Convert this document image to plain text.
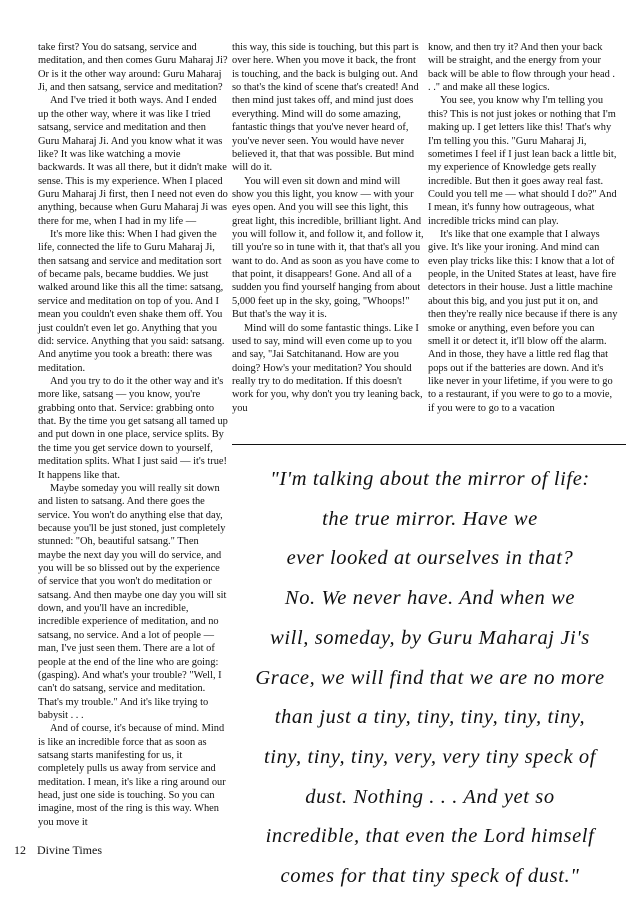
take first? You do satsang, service and meditation, and then comes Guru Maharaj Ji? Or is it the other way around: Guru Maharaj Ji, and then satsang, service and meditation?

And I've tried it both ways. And I ended up the other way, where it was like I tried satsang, service and meditation and then Guru Maharaj Ji. And you know what it was like? It was like watching a movie backwards. It was all there, but it didn't make sense. This is my experience. When I placed Guru Maharaj Ji first, then I need not even do anything, because when Guru Maharaj Ji was there for me, when I had in my life —

It's more like this: When I had given the life, connected the life to Guru Maharaj Ji, then satsang and service and meditation sort of became pals, became buddies. We just walked around like this all the time: satsang, service and meditation on top of you. And I mean you couldn't even shake them off. You just couldn't even let go. Anything that you did: service. Anything that you said: satsang. And anytime you took a breath: there was meditation.

And you try to do it the other way and it's more like, satsang — you know, you're grabbing onto that. Service: grabbing onto that. By the time you get satsang all tamed up and put down in one place, service splits. By the time you get service down to yourself, meditation splits. What I just said — it's true! It happens like that.

Maybe someday you will really sit down and listen to satsang. And there goes the service. You won't do anything else that day, because you'll be just stoned, just completely stunned: "Oh, beautiful satsang." Then maybe the next day you will do service, and you will be so blissed out by the experience of service that you won't do meditation or satsang. And then maybe one day you will sit down, and you'll have an incredible, incredible experience of meditation, and no satsang, no service. And a lot of people — man, I've just seen them. There are a lot of people at the end of the line who are going: (gasping). And what's your trouble? "Well, I can't do satsang, service and meditation. That's my trouble." And it's like trying to babysit . . .

And of course, it's because of mind. Mind is like an incredible force that as soon as satsang starts manifesting for us, it completely pulls us away from service and meditation. I mean, it's like a ring around our head, just one side is touching. So you can imagine, most of the ring is this way. When you move it

this way, this side is touching, but this part is over here. When you move it back, the front is touching, and the back is bulging out. And so that's the kind of scene that's created! And then mind just takes off, and mind just does everything. Mind will do some amazing, fantastic things that you've never heard of, you've never seen. You would have never believed it, that that was possible. But mind will do it.

You will even sit down and mind will show you this light, you know — with your eyes open. And you will see this light, this great light, this incredible, brilliant light. And you will follow it, and follow it, and follow it, till you're so in tune with it, that that's all you want to do. And as soon as you have come to that point, it disappears! Gone. And all of a sudden you find yourself hanging from about 5,000 feet up in the sky, going, "Whoops!" But that's the way it is.

Mind will do some fantastic things. Like I used to say, mind will even come up to you and say, "Jai Satchitanand. How are you doing? How's your meditation? You should really try to do meditation. If this doesn't work for you, why don't you try leaning back, you

know, and then try it? And then your back will be straight, and the energy from your back will be able to flow through your head . . ." and make all these logics.

You see, you know why I'm telling you this? This is not just jokes or nothing that I'm making up. I get letters like this! That's why I'm telling you this. "Guru Maharaj Ji, sometimes I feel if I just lean back a little bit, my experience of Knowledge gets really incredible. But then it goes away real fast. Could you tell me — what should I do?" And I mean, it's funny how outrageous, what incredible tricks mind can play.

It's like that one example that I always give. It's like your ironing. And mind can even play tricks like this: I know that a lot of people, in the United States at least, have fire detectors in their house. Just a little machine about this big, and you just put it on, and then they're really nice because if there is any smoke or anything, even before you can smell it or detect it, it'll blow off the alarm. And in those, they have a little red flag that pops out if the batteries are down. And it's like never in your lifetime, if you were to go to a restaurant, if you were to go to a movie, if you were to go to a vacation

"I'm talking about the mirror of life:
the true mirror. Have we
ever looked at ourselves in that?
No. We never have. And when we
will, someday, by Guru Maharaj Ji's
Grace, we will find that we are no more
than just a tiny, tiny, tiny, tiny, tiny,
tiny, tiny, tiny, very, very tiny speck of
dust. Nothing . . . And yet so
incredible, that even the Lord himself
comes for that tiny speck of dust."
12 Divine Times
